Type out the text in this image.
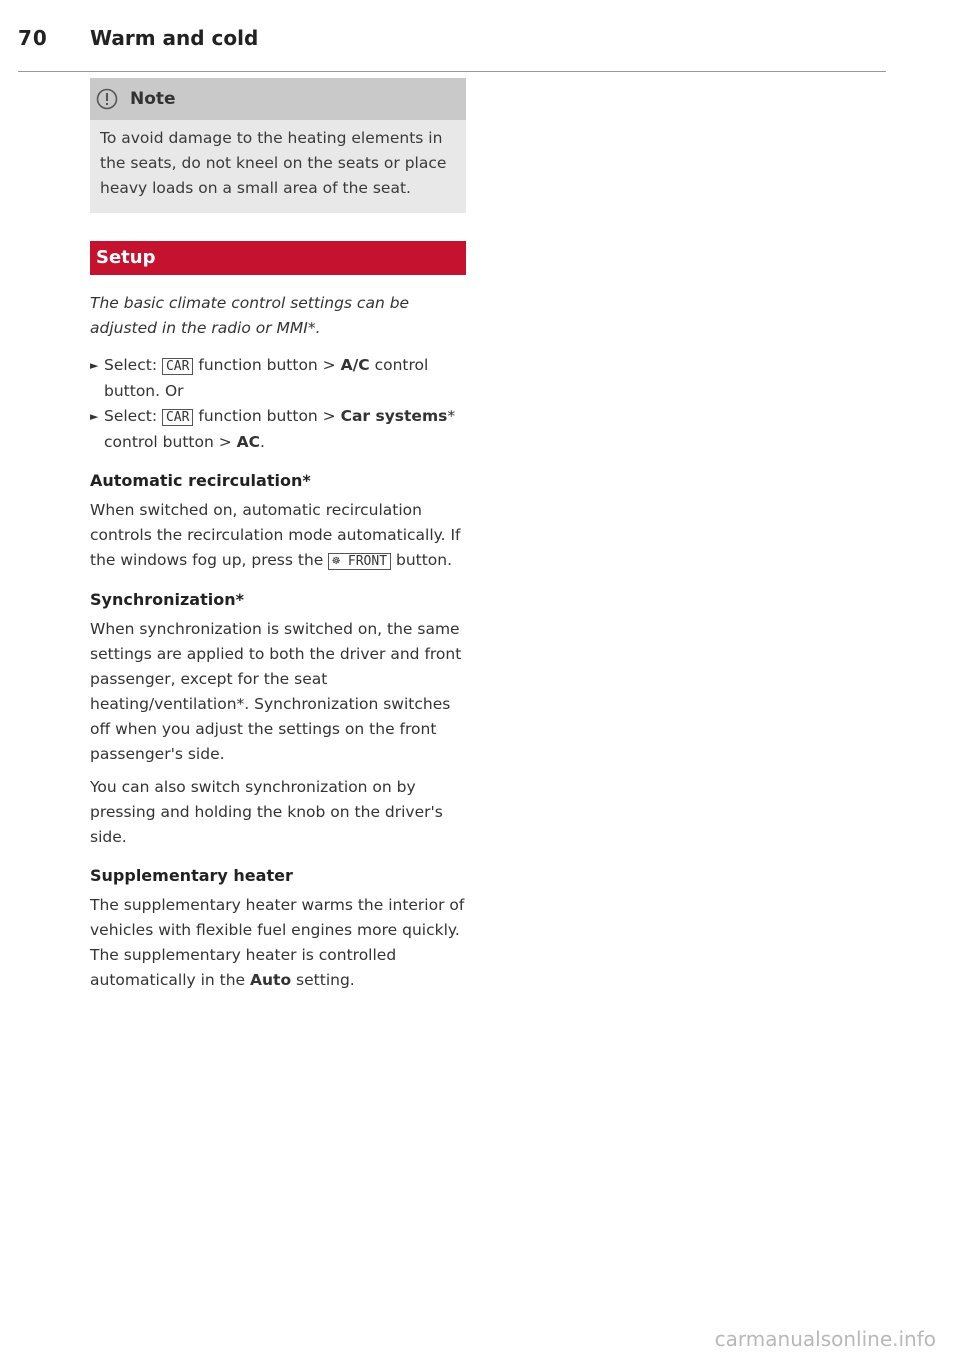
70 Warm and cold
Note
To avoid damage to the heating elements in the seats, do not kneel on the seats or place heavy loads on a small area of the seat.
Setup
The basic climate control settings can be adjusted in the radio or MMI*.
► Select: CAR function button > A/C control button. Or
► Select: CAR function button > Car systems* control button > AC.
Automatic recirculation*

When switched on, automatic recirculation controls the recirculation mode automatically. If the windows fog up, press the ☸ FRONT button.

Synchronization*

When synchronization is switched on, the same settings are applied to both the driver and front passenger, except for the seat heating/ventilation*. Synchronization switches off when you adjust the settings on the front passenger's side.

You can also switch synchronization on by pressing and holding the knob on the driver's side.

Supplementary heater

The supplementary heater warms the interior of vehicles with flexible fuel engines more quickly. The supplementary heater is controlled automatically in the Auto setting.

carmanualsonline.info
